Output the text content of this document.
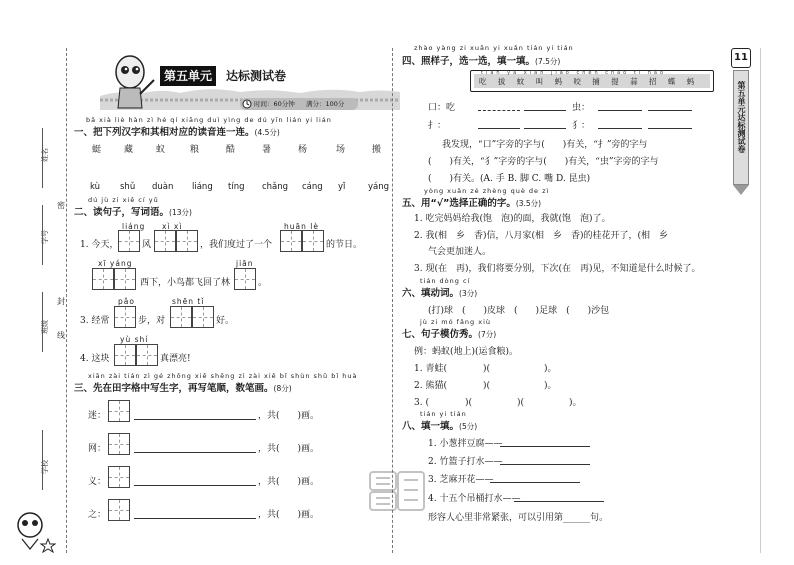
姓名
学号
班级
学校
密
封
线
第五单元	达标测试卷
时间：60分钟 满分：100分
11
第五单元达标测试卷
bǎ xià liè hàn zì hé qí xiāng duì yìng de dú yīn lián yi lián
一、把下列汉字和其相对应的读音连一连。(4.5分)
蜓	藏	蚁	粮	酷	暑	杨	场	搬
kù shǔ duàn liáng tíng chǎng cáng yǐ	yáng
dú jù zi xiě cí yǔ
二、读句子，写词语。(13分)
liáng xì xì	huān lè
1. 今天，	风	，我们度过了一个	的节日。
xī yáng	jiān
西下，小鸟都飞回了林	。
pǎo	shēn tǐ
3. 经常	步，对	好。
yù shí
4. 这块	真漂亮!
xiān zài tián zì gé zhōng xiě shēng zì zài xiě bǐ shùn shǔ bǐ huà
三、先在田字格中写生字，再写笔顺，数笔画。(8分)
迷：	，共(　　)画。
网：	，共(　　)画。
义：	，共(　　)画。
之：	，共(　　)画。
zhào yàng zi xuǎn yi xuǎn tián yi tián
四、照样子，选一选，填一填。(7.5分)
tiān yā xiān jiào chèn chǎo tí nǎo
吃 拔 蚊 叫 蚂 咬 捕 提 蒜 招 蝶 蚂
口：吃	虫：
扌：	犭：
我发现，“口”字旁的字与(　　)有关，“扌”旁的字与
(　　)有关，“犭”字旁的字与(　　)有关，“虫”字旁的字与
(　　)有关。(A. 手 B. 脚 C. 嘴 D. 昆虫)
yòng xuǎn zé zhèng què de zì
五、用“√”选择正确的字。(3.5分)
1. 吃完妈妈给我(饱　泡)的面，我就(饱　泡)了。
2. 我(相　乡　香)信，八月家(相　乡　香)的桂花开了，(相　乡
气会更加迷人。
3. 现(在　再)，我们将要分别，下次(在　再)见，不知道是什么时候了。
tián dòng cí
六、填动词。(3分)
(打)球　(　　)皮球　(　　)足球　(　　)沙包
jù zi mó fǎng xiù
七、句子模仿秀。(7分)
例：蚂蚁(地上)(运食粮)。
1. 青蛙(　　　　)(　　　　　　)。
2. 熊猫(　　　　)(　　　　　　)。
3. (　　　　)(　　　　　)(　　　　　)。
tián yi tián
八、填一填。(5分)
1. 小葱拌豆腐——
2. 竹篮子打水——
3. 芝麻开花——
4. 十五个吊桶打水——
形容人心里非常紧张，可以引用第______句。
